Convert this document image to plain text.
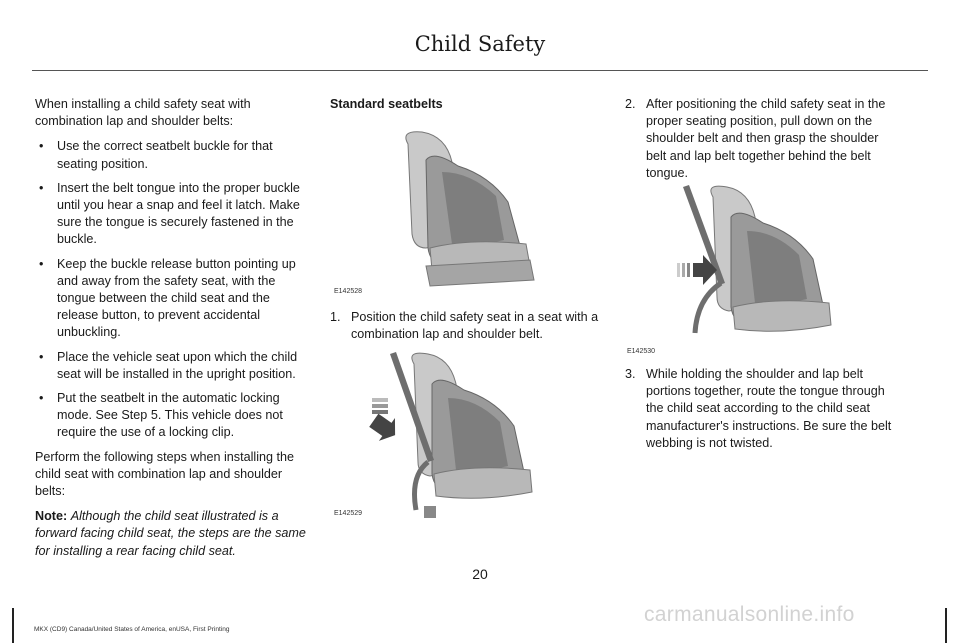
Child Safety

When installing a child safety seat with combination lap and shoulder belts:

•	Use the correct seatbelt buckle for that seating position.
•	Insert the belt tongue into the proper buckle until you hear a snap and feel it latch. Make sure the tongue is securely fastened in the buckle.
•	Keep the buckle release button pointing up and away from the safety seat, with the tongue between the child seat and the release button, to prevent accidental unbuckling.
•	Place the vehicle seat upon which the child seat will be installed in the upright position.
•	Put the seatbelt in the automatic locking mode. See Step 5. This vehicle does not require the use of a locking clip.

Perform the following steps when installing the child seat with combination lap and shoulder belts:

Note: Although the child seat illustrated is a forward facing child seat, the steps are the same for installing a rear facing child seat.

Standard seatbelts
E142528
1. Position the child safety seat in a seat with a combination lap and shoulder belt.
E142529
2. After positioning the child safety seat in the proper seating position, pull down on the shoulder belt and then grasp the shoulder belt and lap belt together behind the belt tongue.
E142530
3. While holding the shoulder and lap belt portions together, route the tongue through the child seat according to the child seat manufacturer's instructions. Be sure the belt webbing is not twisted.
20
MKX (CD9) Canada/United States of America, enUSA, First Printing
carmanualsonline.info
